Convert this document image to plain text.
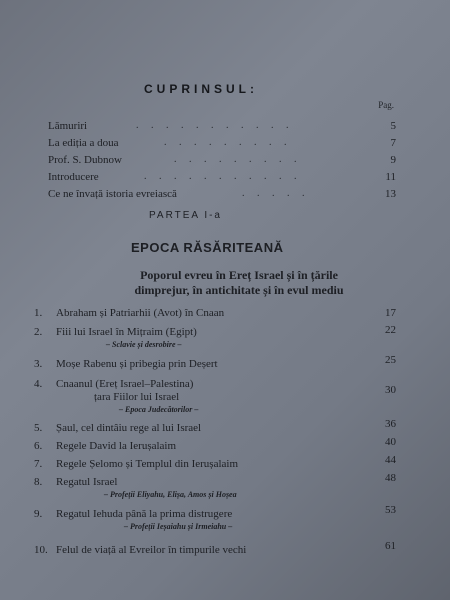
CUPRINSUL:
Pag.
Lămuriri	. . . . . . . . . . .	5
La ediția a doua	. . . . . . . . .	7
Prof. S. Dubnow	. . . . . . . . .	9
Introducere	. . . . . . . . . . .	11
Ce ne învață istoria evreiască	. . . . .	13
PARTEA I-a
EPOCA RĂSĂRITEANĂ
Poporul evreu în Ereț Israel și în țările
dimprejur, în antichitate și în evul mediu
1. Abraham și Patriarhii (Avot) în Cnaan	17
2. Fiii lui Israel în Mițraim (Egipt)	22
– Sclavie și desrobire –
3. Moșe Rabenu și pribegia prin Deșert	25
4. Cnaanul (Ereț Israel–Palestina)
țara Fiilor lui Israel
30
– Epoca Judecătorilor –
5. Șaul, cel dintâiu rege al lui Israel	36
6. Regele David la Ierușalaim	40
7. Regele Șelomo și Templul din Ierușalaim	44
8. Regatul Israel	48
– Profeții Eliyahu, Elișa, Amos și Hoșea
9. Regatul Iehuda până la prima distrugere	53
– Profeții Ieșaiahu și Irmeiahu –
10. Felul de viață al Evreilor în timpurile vechi	61
